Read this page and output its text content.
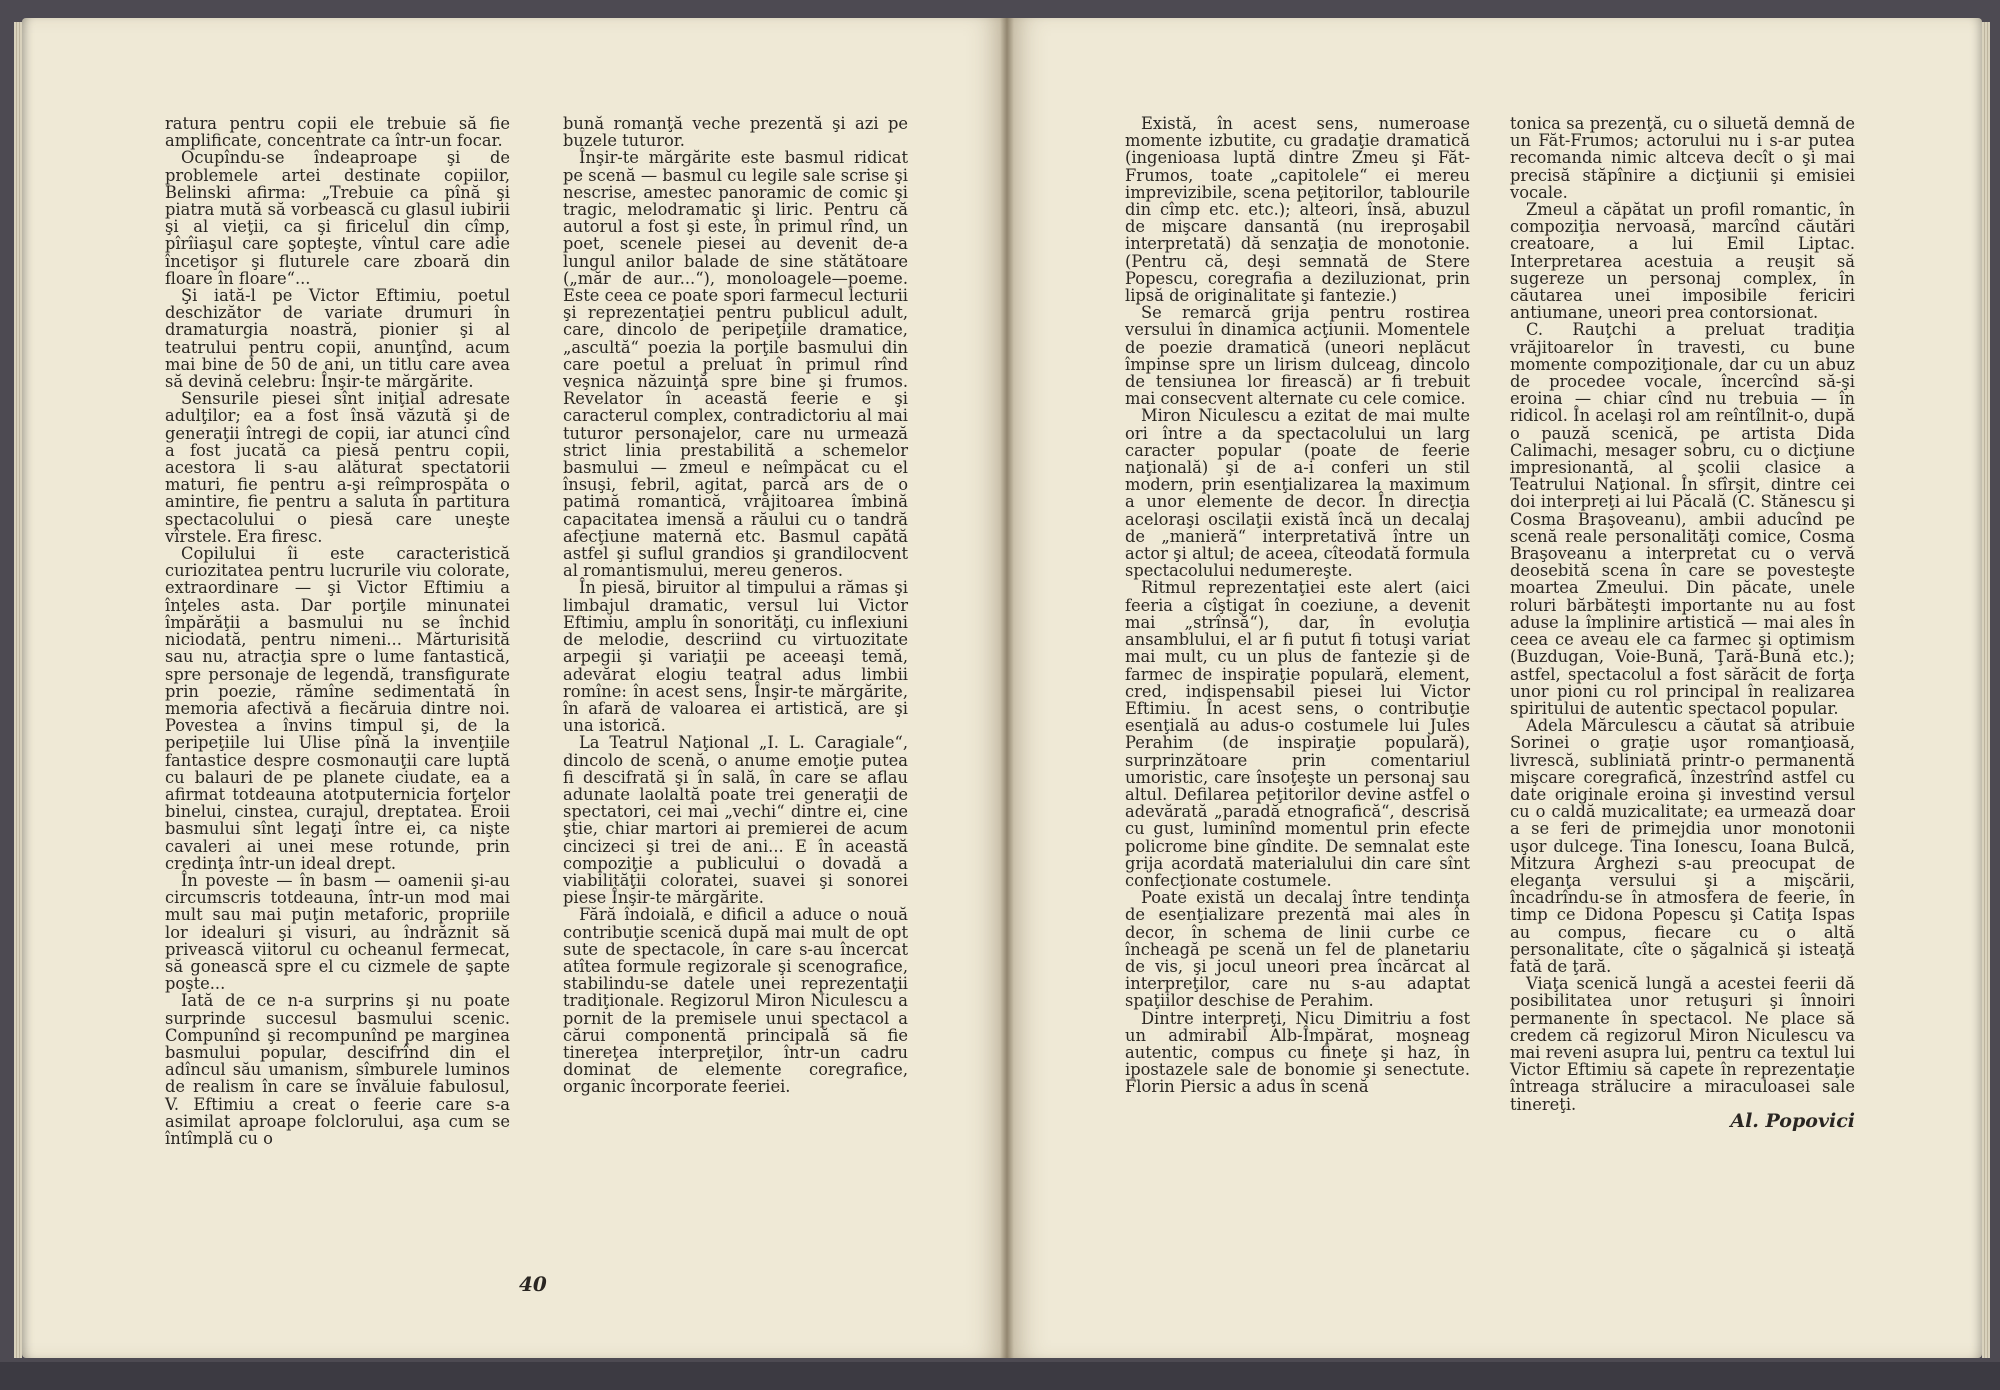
ratura pentru copii ele trebuie să fie amplificate, concentrate ca într-un focar.

Ocupîndu-se îndeaproape şi de problemele artei destinate copiilor, Belinski afirma: „Trebuie ca pînă şi piatra mută să vorbească cu glasul iubirii şi al vieţii, ca şi firicelul din cîmp, pîrîiaşul care şopteşte, vîntul care adie încetişor şi fluturele care zboară din floare în floare“...

Şi iată-l pe Victor Eftimiu, poetul deschizător de variate drumuri în dramaturgia noastră, pionier şi al teatrului pentru copii, anunţînd, acum mai bine de 50 de ani, un titlu care avea să devină celebru: Înşir-te mărgărite.

Sensurile piesei sînt iniţial adresate adulţilor; ea a fost însă văzută şi de generaţii întregi de copii, iar atunci cînd a fost jucată ca piesă pentru copii, acestora li s-au alăturat spectatorii maturi, fie pentru a-şi reîmprospăta o amintire, fie pentru a saluta în partitura spectacolului o piesă care uneşte vîrstele. Era firesc.

Copilului îi este caracteristică curiozitatea pentru lucrurile viu colorate, extraordinare — şi Victor Eftimiu a înţeles asta. Dar porţile minunatei împărăţii a basmului nu se închid niciodată, pentru nimeni... Mărturisită sau nu, atracţia spre o lume fantastică, spre personaje de legendă, transfigurate prin poezie, rămîne sedimentată în memoria afectivă a fiecăruia dintre noi. Povestea a învins timpul şi, de la peripeţiile lui Ulise pînă la invenţiile fantastice despre cosmonauţii care luptă cu balauri de pe planete ciudate, ea a afirmat totdeauna atotputernicia forţelor binelui, cinstea, curajul, dreptatea. Eroii basmului sînt legaţi între ei, ca nişte cavaleri ai unei mese rotunde, prin credinţa într-un ideal drept.

În poveste — în basm — oamenii şi-au circumscris totdeauna, într-un mod mai mult sau mai puţin metaforic, propriile lor idealuri şi visuri, au îndrăznit să privească viitorul cu ocheanul fermecat, să gonească spre el cu cizmele de şapte poşte...

Iată de ce n-a surprins şi nu poate surprinde succesul basmului scenic. Compunînd şi recompunînd pe marginea basmului popular, descifrînd din el adîncul său umanism, sîmburele luminos de realism în care se învăluie fabulosul, V. Eftimiu a creat o feerie care s-a asimilat aproape folclorului, aşa cum se întîmplă cu o

bună romanţă veche prezentă şi azi pe buzele tuturor.

Înşir-te mărgărite este basmul ridicat pe scenă — basmul cu legile sale scrise şi nescrise, amestec panoramic de comic şi tragic, melodramatic şi liric. Pentru că autorul a fost şi este, în primul rînd, un poet, scenele piesei au devenit de-a lungul anilor balade de sine stătătoare („măr de aur...“), monoloagele—poeme. Este ceea ce poate spori farmecul lecturii şi reprezentaţiei pentru publicul adult, care, dincolo de peripeţiile dramatice, „ascultă“ poezia la porţile basmului din care poetul a preluat în primul rînd veşnica năzuinţă spre bine şi frumos. Revelator în această feerie e şi caracterul complex, contradictoriu al mai tuturor personajelor, care nu urmează strict linia prestabilită a schemelor basmului — zmeul e neîmpăcat cu el însuşi, febril, agitat, parcă ars de o patimă romantică, vrăjitoarea îmbină capacitatea imensă a răului cu o tandră afecţiune maternă etc. Basmul capătă astfel şi suflul grandios şi grandilocvent al romantismului, mereu generos.

În piesă, biruitor al timpului a rămas şi limbajul dramatic, versul lui Victor Eftimiu, amplu în sonorităţi, cu inflexiuni de melodie, descriind cu virtuozitate arpegii şi variaţii pe aceeaşi temă, adevărat elogiu teatral adus limbii romîne: în acest sens, Înşir-te mărgărite, în afară de valoarea ei artistică, are şi una istorică.

La Teatrul Naţional „I. L. Caragiale“, dincolo de scenă, o anume emoţie putea fi descifrată şi în sală, în care se aflau adunate laolaltă poate trei generaţii de spectatori, cei mai „vechi“ dintre ei, cine ştie, chiar martori ai premierei de acum cincizeci şi trei de ani... E în această compoziţie a publicului o dovadă a viabilităţii coloratei, suavei şi sonorei piese Înşir-te mărgărite.

Fără îndoială, e dificil a aduce o nouă contribuţie scenică după mai mult de opt sute de spectacole, în care s-au încercat atîtea formule regizorale şi scenografice, stabilindu-se datele unei reprezentaţii tradiţionale. Regizorul Miron Niculescu a pornit de la premisele unui spectacol a cărui componentă principală să fie tinereţea interpreţilor, într-un cadru dominat de elemente coregrafice, organic încorporate feeriei.

Există, în acest sens, numeroase momente izbutite, cu gradaţie dramatică (ingenioasa luptă dintre Zmeu şi Făt-Frumos, toate „capitolele“ ei mereu imprevizibile, scena peţitorilor, tablourile din cîmp etc. etc.); alteori, însă, abuzul de mişcare dansantă (nu ireproşabil interpretată) dă senzaţia de monotonie. (Pentru că, deşi semnată de Stere Popescu, coregrafia a deziluzionat, prin lipsă de originalitate şi fantezie.)

Se remarcă grija pentru rostirea versului în dinamica acţiunii. Momentele de poezie dramatică (uneori neplăcut împinse spre un lirism dulceag, dincolo de tensiunea lor firească) ar fi trebuit mai consecvent alternate cu cele comice.

Miron Niculescu a ezitat de mai multe ori între a da spectacolului un larg caracter popular (poate de feerie naţională) şi de a-i conferi un stil modern, prin esenţializarea la maximum a unor elemente de decor. În direcţia aceloraşi oscilaţii există încă un decalaj de „manieră“ interpretativă între un actor şi altul; de aceea, cîteodată formula spectacolului nedumereşte.

Ritmul reprezentaţiei este alert (aici feeria a cîştigat în coeziune, a devenit mai „strînsă“), dar, în evoluţia ansamblului, el ar fi putut fi totuşi variat mai mult, cu un plus de fantezie şi de farmec de inspiraţie populară, element, cred, indispensabil piesei lui Victor Eftimiu. În acest sens, o contribuţie esenţială au adus-o costumele lui Jules Perahim (de inspiraţie populară), surprinzătoare prin comentariul umoristic, care însoţeşte un personaj sau altul. Defilarea peţitorilor devine astfel o adevărată „paradă etnografică“, descrisă cu gust, luminînd momentul prin efecte policrome bine gîndite. De semnalat este grija acordată materialului din care sînt confecţionate costumele.

Poate există un decalaj între tendinţa de esenţializare prezentă mai ales în decor, în schema de linii curbe ce încheagă pe scenă un fel de planetariu de vis, şi jocul uneori prea încărcat al interpreţilor, care nu s-au adaptat spaţiilor deschise de Perahim.

Dintre interpreţi, Nicu Dimitriu a fost un admirabil Alb-Împărat, moşneag autentic, compus cu fineţe şi haz, în ipostazele sale de bonomie şi senectute. Florin Piersic a adus în scenă

tonica sa prezenţă, cu o siluetă demnă de un Făt-Frumos; actorului nu i s-ar putea recomanda nimic altceva decît o şi mai precisă stăpînire a dicţiunii şi emisiei vocale.

Zmeul a căpătat un profil romantic, în compoziţia nervoasă, marcînd căutări creatoare, a lui Emil Liptac. Interpretarea acestuia a reuşit să sugereze un personaj complex, în căutarea unei imposibile fericiri antiumane, uneori prea contorsionat.

C. Rauţchi a preluat tradiţia vrăjitoarelor în travesti, cu bune momente compoziţionale, dar cu un abuz de procedee vocale, încercînd să-şi eroina — chiar cînd nu trebuia — în ridicol. În acelaşi rol am reîntîlnit-o, după o pauză scenică, pe artista Dida Calimachi, mesager sobru, cu o dicţiune impresionantă, al şcolii clasice a Teatrului Naţional. În sfîrşit, dintre cei doi interpreţi ai lui Păcală (C. Stănescu şi Cosma Braşoveanu), ambii aducînd pe scenă reale personalităţi comice, Cosma Braşoveanu a interpretat cu o vervă deosebită scena în care se povesteşte moartea Zmeului. Din păcate, unele roluri bărbăteşti importante nu au fost aduse la împlinire artistică — mai ales în ceea ce aveau ele ca farmec şi optimism (Buzdugan, Voie-Bună, Ţară-Bună etc.); astfel, spectacolul a fost sărăcit de forţa unor pioni cu rol principal în realizarea spiritului de autentic spectacol popular.

Adela Mărculescu a căutat să atribuie Sorinei o graţie uşor romanţioasă, livrescă, subliniată printr-o permanentă mişcare coregrafică, înzestrînd astfel cu date originale eroina şi investind versul cu o caldă muzicalitate; ea urmează doar a se feri de primejdia unor monotonii uşor dulcege. Tina Ionescu, Ioana Bulcă, Mitzura Arghezi s-au preocupat de eleganţa versului şi a mişcării, încadrîndu-se în atmosfera de feerie, în timp ce Didona Popescu şi Catiţa Ispas au compus, fiecare cu o altă personalitate, cîte o şăgalnică şi isteaţă fată de ţară.

Viaţa scenică lungă a acestei feerii dă posibilitatea unor retuşuri şi înnoiri permanente în spectacol. Ne place să credem că regizorul Miron Niculescu va mai reveni asupra lui, pentru ca textul lui Victor Eftimiu să capete în reprezentaţie întreaga strălucire a miraculoasei sale tinereţi.

Al. Popovici

40
